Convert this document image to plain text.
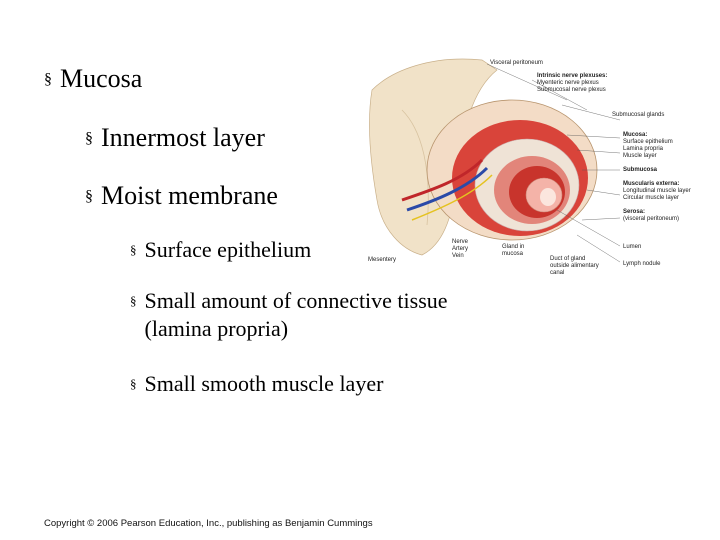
§ Mucosa
§ Innermost layer
§ Moist membrane
§ Surface epithelium
§ Small amount of connective tissue
(lamina propria)
§ Small smooth muscle layer
Visceral peritoneum
Intrinsic nerve plexuses:
Myenteric nerve plexus
Submucosal nerve plexus
Submucosal glands
Mucosa:
Surface epithelium
Lamina propria
Muscle layer
Submucosa
Muscularis externa:
Longitudinal muscle layer
Circular muscle layer
Serosa:
(visceral peritoneum)
Lumen
Lymph nodule
Nerve
Artery
Vein
Mesentery
Gland in
mucosa
Duct of gland
outside alimentary
canal
Copyright © 2006 Pearson Education, Inc., publishing as Benjamin Cummings
